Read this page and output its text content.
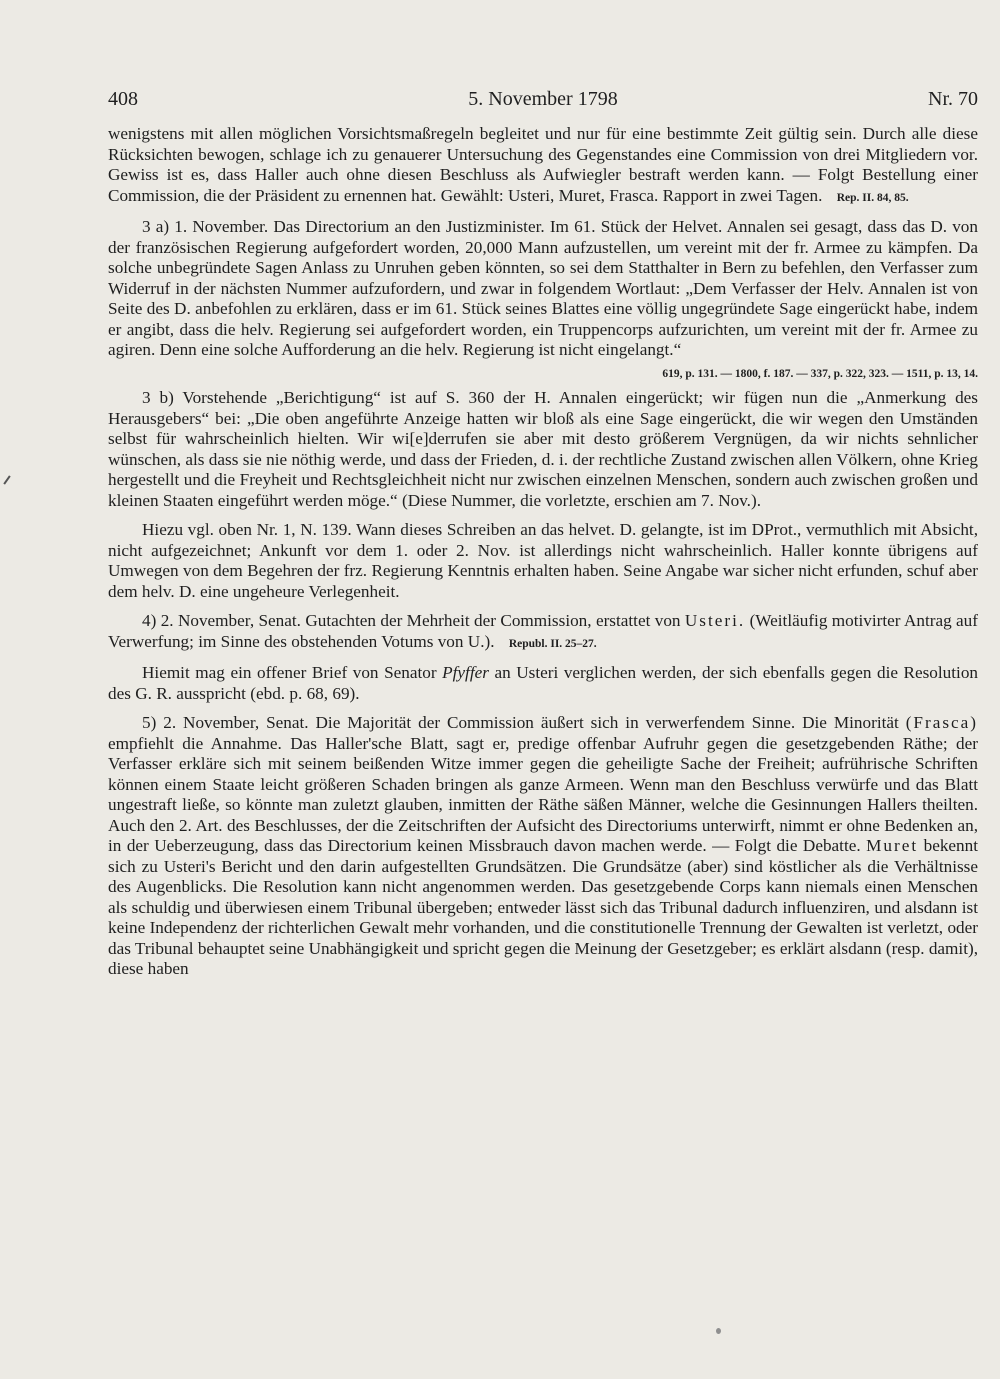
408	5. November 1798	Nr. 70

wenigstens mit allen möglichen Vorsichtsmaßregeln begleitet und nur für eine bestimmte Zeit gültig sein. Durch alle diese Rücksichten bewogen, schlage ich zu genauerer Untersuchung des Gegenstandes eine Commission von drei Mitgliedern vor. Gewiss ist es, dass Haller auch ohne diesen Beschluss als Aufwiegler bestraft werden kann. — Folgt Bestellung einer Commission, die der Präsident zu ernennen hat. Gewählt: Usteri, Muret, Frasca. Rapport in zwei Tagen. Rep. II. 84, 85.

3 a) 1. November. Das Directorium an den Justizminister. Im 61. Stück der Helvet. Annalen sei gesagt, dass das D. von der französischen Regierung aufgefordert worden, 20,000 Mann aufzustellen, um vereint mit der fr. Armee zu kämpfen. Da solche unbegründete Sagen Anlass zu Unruhen geben könnten, so sei dem Statthalter in Bern zu befehlen, den Verfasser zum Widerruf in der nächsten Nummer aufzufordern, und zwar in folgendem Wortlaut: „Dem Verfasser der Helv. Annalen ist von Seite des D. anbefohlen zu erklären, dass er im 61. Stück seines Blattes eine völlig ungegründete Sage eingerückt habe, indem er angibt, dass die helv. Regierung sei aufgefordert worden, ein Truppencorps aufzurichten, um vereint mit der fr. Armee zu agiren. Denn eine solche Aufforderung an die helv. Regierung ist nicht eingelangt.“

619, p. 131. — 1800, f. 187. — 337, p. 322, 323. — 1511, p. 13, 14.

3 b) Vorstehende „Berichtigung“ ist auf S. 360 der H. Annalen eingerückt; wir fügen nun die „Anmerkung des Herausgebers“ bei: „Die oben angeführte Anzeige hatten wir bloß als eine Sage eingerückt, die wir wegen den Umständen selbst für wahrscheinlich hielten. Wir wi[e]derrufen sie aber mit desto größerem Vergnügen, da wir nichts sehnlicher wünschen, als dass sie nie nöthig werde, und dass der Frieden, d. i. der rechtliche Zustand zwischen allen Völkern, ohne Krieg hergestellt und die Freyheit und Rechtsgleichheit nicht nur zwischen einzelnen Menschen, sondern auch zwischen großen und kleinen Staaten eingeführt werden möge.“ (Diese Nummer, die vorletzte, erschien am 7. Nov.).

Hiezu vgl. oben Nr. 1, N. 139. Wann dieses Schreiben an das helvet. D. gelangte, ist im DProt., vermuthlich mit Absicht, nicht aufgezeichnet; Ankunft vor dem 1. oder 2. Nov. ist allerdings nicht wahrscheinlich. Haller konnte übrigens auf Umwegen von dem Begehren der frz. Regierung Kenntnis erhalten haben. Seine Angabe war sicher nicht erfunden, schuf aber dem helv. D. eine ungeheure Verlegenheit.

4) 2. November, Senat. Gutachten der Mehrheit der Commission, erstattet von Usteri. (Weitläufig motivirter Antrag auf Verwerfung; im Sinne des obstehenden Votums von U.). Republ. II. 25–27.

Hiemit mag ein offener Brief von Senator Pfyffer an Usteri verglichen werden, der sich ebenfalls gegen die Resolution des G. R. ausspricht (ebd. p. 68, 69).

5) 2. November, Senat. Die Majorität der Commission äußert sich in verwerfendem Sinne. Die Minorität (Frasca) empfiehlt die Annahme. Das Haller'sche Blatt, sagt er, predige offenbar Aufruhr gegen die gesetzgebenden Räthe; der Verfasser erkläre sich mit seinem beißenden Witze immer gegen die geheiligte Sache der Freiheit; aufrührische Schriften können einem Staate leicht größeren Schaden bringen als ganze Armeen. Wenn man den Beschluss verwürfe und das Blatt ungestraft ließe, so könnte man zuletzt glauben, inmitten der Räthe säßen Männer, welche die Gesinnungen Hallers theilten. Auch den 2. Art. des Beschlusses, der die Zeitschriften der Aufsicht des Directoriums unterwirft, nimmt er ohne Bedenken an, in der Ueberzeugung, dass das Directorium keinen Missbrauch davon machen werde. — Folgt die Debatte. Muret bekennt sich zu Usteri's Bericht und den darin aufgestellten Grundsätzen. Die Grundsätze (aber) sind köstlicher als die Verhältnisse des Augenblicks. Die Resolution kann nicht angenommen werden. Das gesetzgebende Corps kann niemals einen Menschen als schuldig und überwiesen einem Tribunal übergeben; entweder lässt sich das Tribunal dadurch influenziren, und alsdann ist keine Independenz der richterlichen Gewalt mehr vorhanden, und die constitutionelle Trennung der Gewalten ist verletzt, oder das Tribunal behauptet seine Unabhängigkeit und spricht gegen die Meinung der Gesetzgeber; es erklärt alsdann (resp. damit), diese haben
